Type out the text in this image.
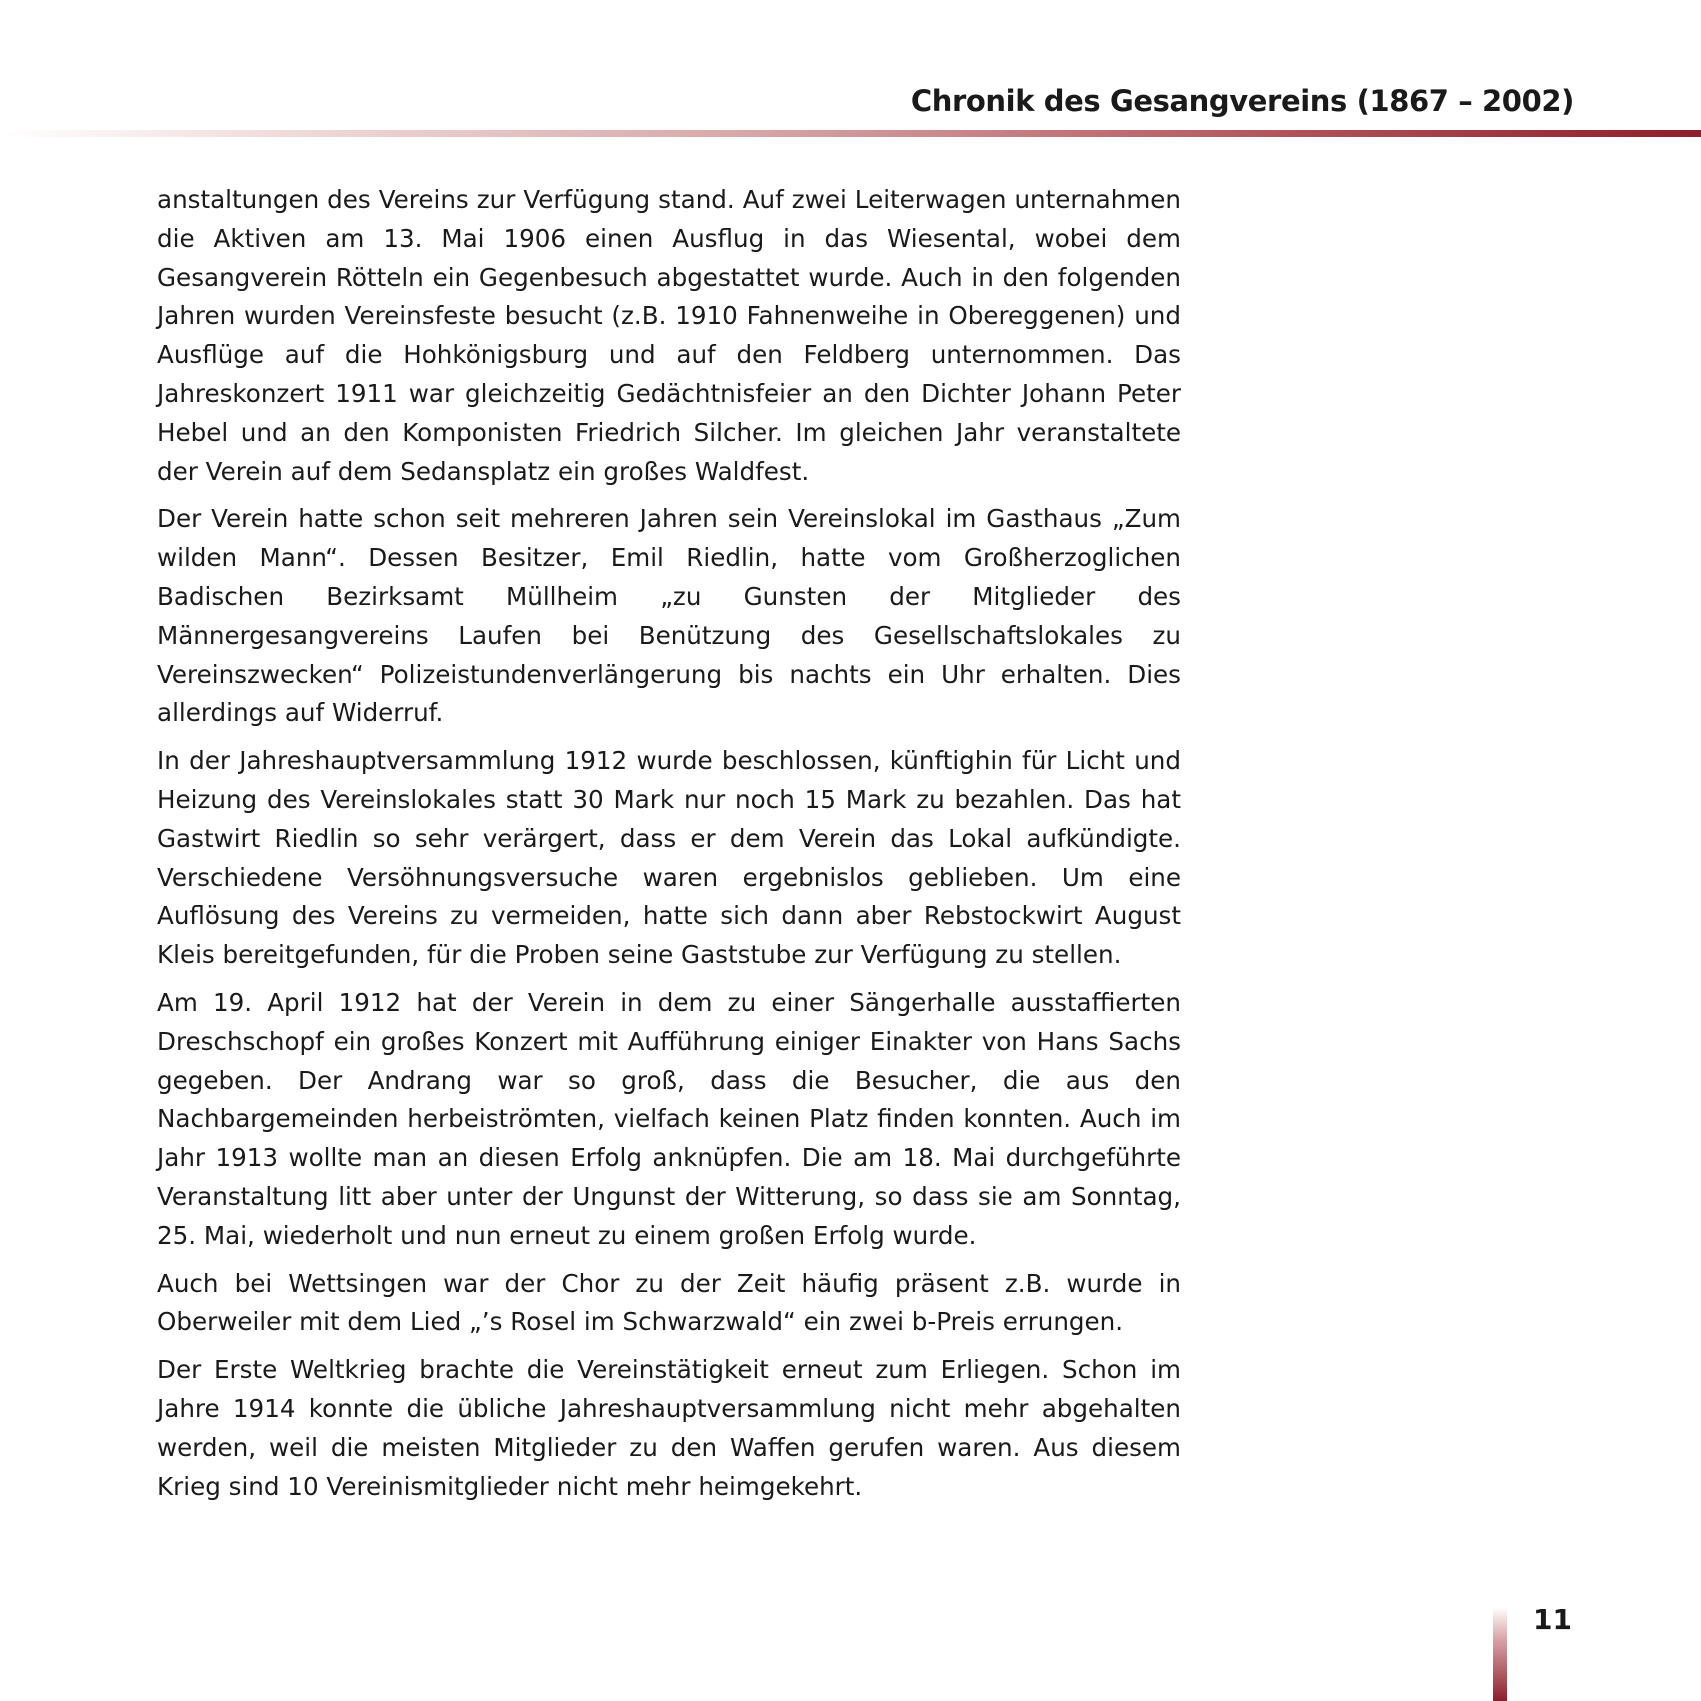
Chronik des Gesangvereins (1867 – 2002)

anstaltungen des Vereins zur Verfügung stand. Auf zwei Leiterwagen unternahmen die Aktiven am 13. Mai 1906 einen Ausflug in das Wiesental, wobei dem Gesangverein Rötteln ein Gegenbesuch abgestattet wurde. Auch in den folgenden Jahren wurden Vereinsfeste besucht (z.B. 1910 Fahnenweihe in Obereggenen) und Ausflüge auf die Hohkönigsburg und auf den Feldberg unternommen. Das Jahreskonzert 1911 war gleichzeitig Gedächtnisfeier an den Dichter Johann Peter Hebel und an den Komponisten Friedrich Silcher. Im gleichen Jahr veranstaltete der Verein auf dem Sedansplatz ein großes Waldfest.

Der Verein hatte schon seit mehreren Jahren sein Vereinslokal im Gasthaus „Zum wilden Mann“. Dessen Besitzer, Emil Riedlin, hatte vom Großherzoglichen Badischen Bezirksamt Müllheim „zu Gunsten der Mitglieder des Männergesangvereins Laufen bei Benützung des Gesellschaftslokales zu Vereinszwecken“ Polizeistundenverlängerung bis nachts ein Uhr erhalten. Dies allerdings auf Widerruf.

In der Jahreshauptversammlung 1912 wurde beschlossen, künftighin für Licht und Heizung des Vereinslokales statt 30 Mark nur noch 15 Mark zu bezahlen. Das hat Gastwirt Riedlin so sehr verärgert, dass er dem Verein das Lokal aufkündigte. Verschiedene Versöhnungsversuche waren ergebnislos geblieben. Um eine Auflösung des Vereins zu vermeiden, hatte sich dann aber Rebstockwirt August Kleis bereitgefunden, für die Proben seine Gaststube zur Verfügung zu stellen.

Am 19. April 1912 hat der Verein in dem zu einer Sängerhalle ausstaffierten Dreschschopf ein großes Konzert mit Aufführung einiger Einakter von Hans Sachs gegeben. Der Andrang war so groß, dass die Besucher, die aus den Nachbargemeinden herbeiströmten, vielfach keinen Platz finden konnten. Auch im Jahr 1913 wollte man an diesen Erfolg anknüpfen. Die am 18. Mai durchgeführte Veranstaltung litt aber unter der Ungunst der Witterung, so dass sie am Sonntag, 25. Mai, wiederholt und nun erneut zu einem großen Erfolg wurde.

Auch bei Wettsingen war der Chor zu der Zeit häufig präsent z.B. wurde in Oberweiler mit dem Lied „’s Rosel im Schwarzwald“ ein zwei b-Preis errungen.

Der Erste Weltkrieg brachte die Vereinstätigkeit erneut zum Erliegen. Schon im Jahre 1914 konnte die übliche Jahreshauptversammlung nicht mehr abgehalten werden, weil die meisten Mitglieder zu den Waffen gerufen waren. Aus diesem Krieg sind 10 Vereinismitglieder nicht mehr heimgekehrt.

11
